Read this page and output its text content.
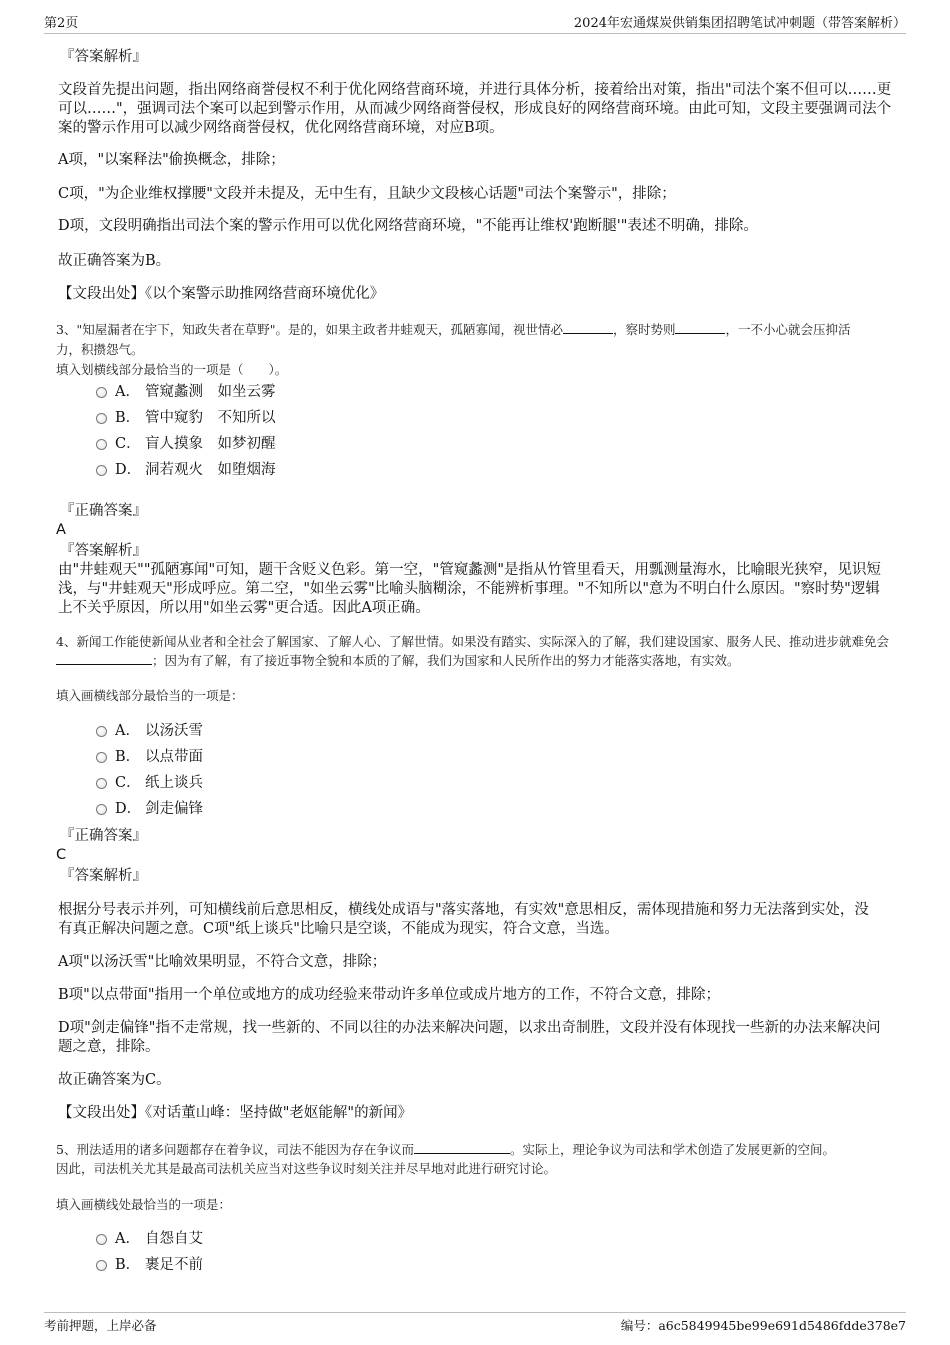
第2页	2024年宏通煤炭供销集团招聘笔试冲刺题（带答案解析）
『答案解析』
文段首先提出问题，指出网络商誉侵权不利于优化网络营商环境，并进行具体分析，接着给出对策，指出"司法个案不但可以……更可以……"，强调司法个案可以起到警示作用，从而减少网络商誉侵权，形成良好的网络营商环境。由此可知，文段主要强调司法个案的警示作用可以减少网络商誉侵权，优化网络营商环境，对应B项。
A项，"以案释法"偷换概念，排除；
C项，"为企业维权撑腰"文段并未提及，无中生有，且缺少文段核心话题"司法个案警示"，排除；
D项，文段明确指出司法个案的警示作用可以优化网络营商环境，"不能再让维权'跑断腿'"表述不明确，排除。
故正确答案为B。
【文段出处】《以个案警示助推网络营商环境优化》
3、"知屋漏者在宇下，知政失者在草野"。是的，如果主政者井蛙观天，孤陋寡闻，视世情必	，察时势则	，一不小心就会压抑活
力，积攒怨气。
填入划横线部分最恰当的一项是（　　）。
A． 管窥蠡测　如坐云雾
B． 管中窥豹　不知所以
C． 盲人摸象　如梦初醒
D． 洞若观火　如堕烟海
『正确答案』
A
『答案解析』
由"井蛙观天""孤陋寡闻"可知，题干含贬义色彩。第一空，"管窥蠡测"是指从竹管里看天，用瓢测量海水，比喻眼光狭窄，见识短浅，与"井蛙观天"形成呼应。第二空，"如坐云雾"比喻头脑糊涂，不能辨析事理。"不知所以"意为不明白什么原因。"察时势"逻辑上不关乎原因，所以用"如坐云雾"更合适。因此A项正确。
4、新闻工作能使新闻从业者和全社会了解国家、了解人心、了解世情。如果没有踏实、实际深入的了解，我们建设国家、服务人民、推动进步就难免会；因为有了解，有了接近事物全貌和本质的了解，我们为国家和人民所作出的努力才能落实落地，有实效。
填入画横线部分最恰当的一项是：
A． 以汤沃雪
B． 以点带面
C． 纸上谈兵
D． 剑走偏锋
『正确答案』
C
『答案解析』
根据分号表示并列，可知横线前后意思相反，横线处成语与"落实落地，有实效"意思相反，需体现措施和努力无法落到实处，没有真正解决问题之意。C项"纸上谈兵"比喻只是空谈，不能成为现实，符合文意，当选。
A项"以汤沃雪"比喻效果明显，不符合文意，排除；
B项"以点带面"指用一个单位或地方的成功经验来带动许多单位或成片地方的工作，不符合文意，排除；
D项"剑走偏锋"指不走常规，找一些新的、不同以往的办法来解决问题，以求出奇制胜，文段并没有体现找一些新的办法来解决问题之意，排除。
故正确答案为C。
【文段出处】《对话董山峰：坚持做"老妪能解"的新闻》
5、刑法适用的诸多问题都存在着争议，司法不能因为存在争议而	。实际上，理论争议为司法和学术创造了发展更新的空间。
因此，司法机关尤其是最高司法机关应当对这些争议时刻关注并尽早地对此进行研究讨论。
填入画横线处最恰当的一项是：
A． 自怨自艾
B． 裹足不前
考前押题，上岸必备	编号：a6c5849945be99e691d5486fdde378e7
